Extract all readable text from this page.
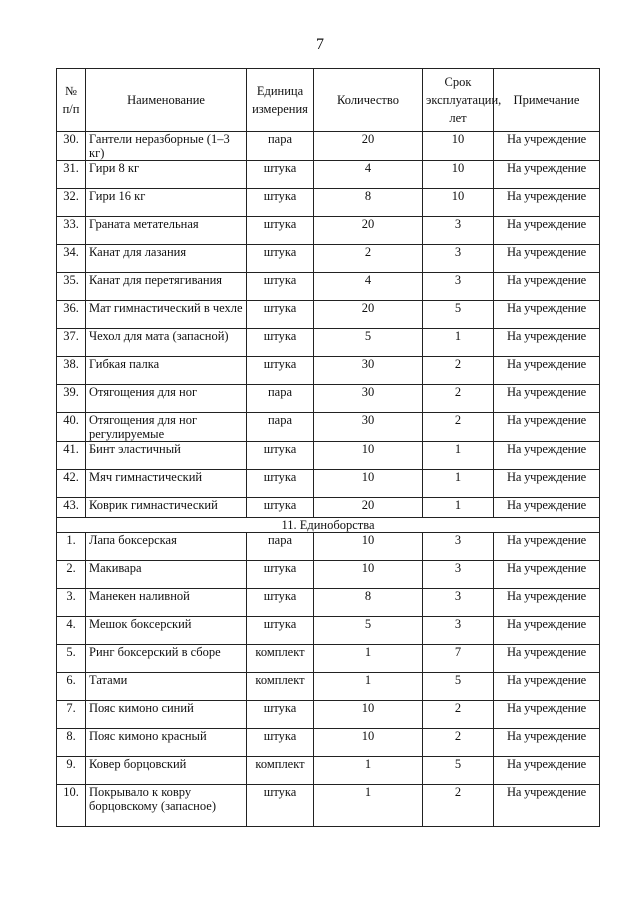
7
№ п/п	Наименование	Единица измерения	Количество	Срок эксплуатации, лет	Примечание
30.	Гантели неразборные (1–3 кг)	пара	20	10	На учреждение
31.	Гири 8 кг	штука	4	10	На учреждение
32.	Гири 16 кг	штука	8	10	На учреждение
33.	Граната метательная	штука	20	3	На учреждение
34.	Канат для лазания	штука	2	3	На учреждение
35.	Канат для перетягивания	штука	4	3	На учреждение
36.	Мат гимнастический в чехле	штука	20	5	На учреждение
37.	Чехол для мата (запасной)	штука	5	1	На учреждение
38.	Гибкая палка	штука	30	2	На учреждение
39.	Отягощения для ног	пара	30	2	На учреждение
40.	Отягощения для ног регулируемые	пара	30	2	На учреждение
41.	Бинт эластичный	штука	10	1	На учреждение
42.	Мяч гимнастический	штука	10	1	На учреждение
43.	Коврик гимнастический	штука	20	1	На учреждение
11. Единоборства					
1.	Лапа боксерская	пара	10	3	На учреждение
2.	Макивара	штука	10	3	На учреждение
3.	Манекен наливной	штука	8	3	На учреждение
4.	Мешок боксерский	штука	5	3	На учреждение
5.	Ринг боксерский в сборе	комплект	1	7	На учреждение
6.	Татами	комплект	1	5	На учреждение
7.	Пояс кимоно синий	штука	10	2	На учреждение
8.	Пояс кимоно красный	штука	10	2	На учреждение
9.	Ковер борцовский	комплект	1	5	На учреждение
10.	Покрывало к ковру борцовскому (запасное)	штука	1	2	На учреждение
